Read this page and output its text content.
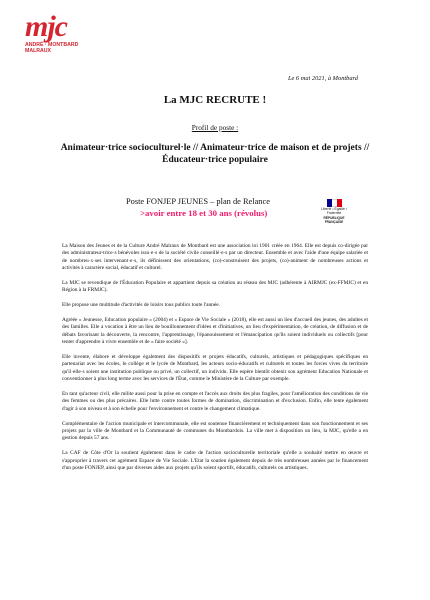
mjc
ANDRÉ · MONTBARD
MALRAUX
Le 6 mai 2021, à Montbard
La MJC RECRUTE !
Profil de poste :
Animateur·trice socioculturel·le // Animateur·trice de maison et de projets // Éducateur·trice populaire
Poste FONJEP JEUNES – plan de Relance
>avoir entre 18 et 30 ans (révolus)	Liberté • Égalité • Fraternité
RÉPUBLIQUE FRANÇAISE

La Maison des Jeunes et de la Culture André Malraux de Montbard est une association loi 1901 créée en 1964. Elle est depuis co-dirigée par des administrateur-trice·s bénévoles issu·e·s de la société civile conseillé·e·s par un directeur. Ensemble et avec l'aide d'une équipe salariée et de nombreu·x·ses intervenant·e·s, ils définissent des orientations, (co)-construisent des projets, (co)-animent de nombreuses actions et activités à caractère social, éducatif et culturel.

La MJC se revendique de l'Éducation Populaire et appartient depuis sa création au réseau des MJC (adhérente à AIRMJC (ex-FFMJC) et en Région à la FRMJC).

Elle propose une multitude d'activités de loisirs tous publics toute l'année.

Agréée « Jeunesse, Education populaire » (2004) et « Espace de Vie Sociale » (2018), elle est aussi un lieu d'accueil des jeunes, des adultes et des familles. Elle a vocation à être un lieu de bouillonnement d'idées et d'initiatives, un lieu d'expérimentation, de création, de diffusion et de débats favorisant la découverte, la rencontre, l'apprentissage, l'épanouissement et l'émancipation qu'ils soient individuels ou collectifs [pour tenter d'apprendre à vivre ensemble et de « faire société »].

Elle invente, élabore et développe également des dispositifs et projets éducatifs, culturels, artistiques et pédagogiques spécifiques en partenariat avec les écoles, le collège et le lycée de Montbard, les acteurs socio-éducatifs et culturels et toutes les forces vives du territoire qu'il·elle·s soient une institution publique ou privé, un collectif, un individu. Elle espère bientôt obtenir son agrément Education Nationale et conventionner à plus long terme avec les services de l'État, comme le Ministère de la Culture par exemple.

En tant qu'acteur civil, elle milite aussi pour la prise en compte et l'accès aux droits des plus fragiles, pour l'amélioration des conditions de vie des femmes ou des plus précaires. Elle lutte contre toutes formes de domination, discrimination et d'exclusion. Enfin, elle tente également d'agir à son niveau et à son échelle pour l'environnement et contre le changement climatique.

Complémentaire de l'action municipale et intercommunale, elle est soutenue financièrement et techniquement dans son fonctionnement et ses projets par la ville de Montbard et la Communauté de communes du Montbardois. La ville met à disposition un lieu, la MJC, qu'elle a en gestion depuis 57 ans.

La CAF de Côte d'Or la soutient également dans le cadre de l'action socioculturelle territoriale qu'elle a souhaité mettre en œuvre et s'approprier à travers cet agrément Espace de Vie Sociale. L'Etat la soutien également depuis de très nombreuses années par le financement d'un poste FONJEP, ainsi que par diverses aides aux projets qu'ils soient sportifs, éducatifs, culturels ou artistiques.
